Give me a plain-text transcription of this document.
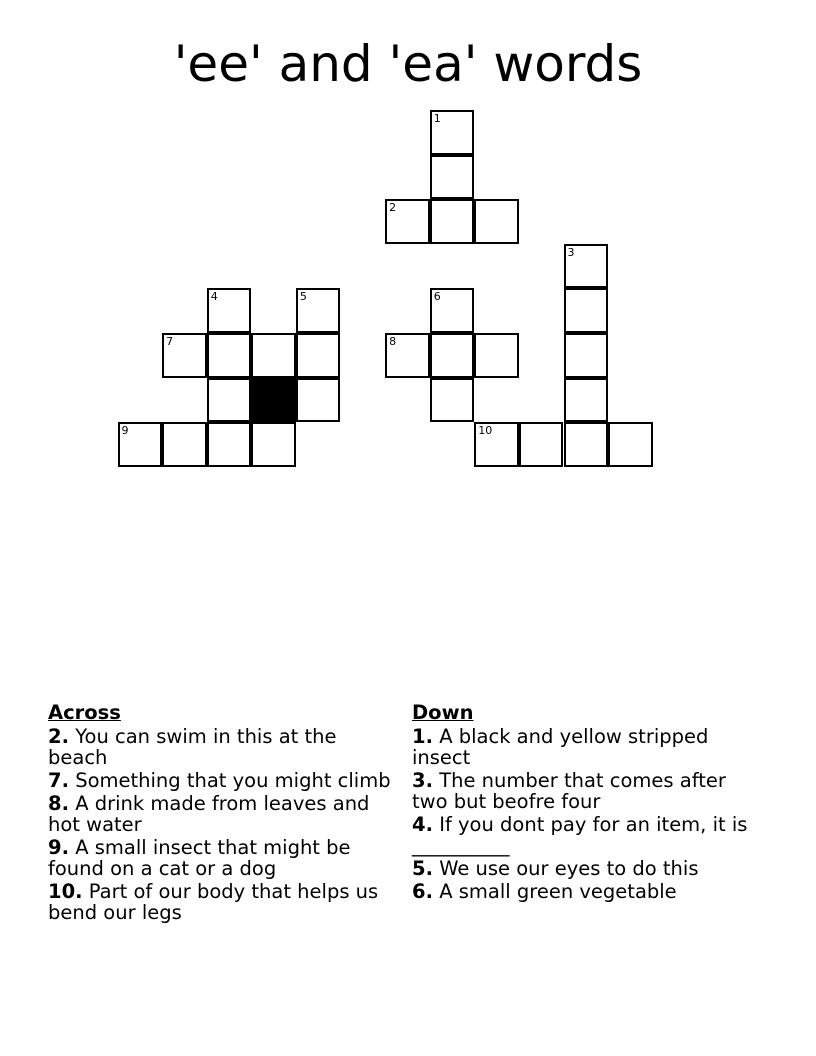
'ee' and 'ea' words
1
2
3
4	5	6
7	8
9	10
Across
2. You can swim in this at the beach
7. Something that you might climb
8. A drink made from leaves and hot water
9. A small insect that might be found on a cat or a dog
10. Part of our body that helps us bend our legs
Down
1. A black and yellow stripped insect
3. The number that comes after two but beofre four
4. If you dont pay for an item, it is __________
5. We use our eyes to do this
6. A small green vegetable
